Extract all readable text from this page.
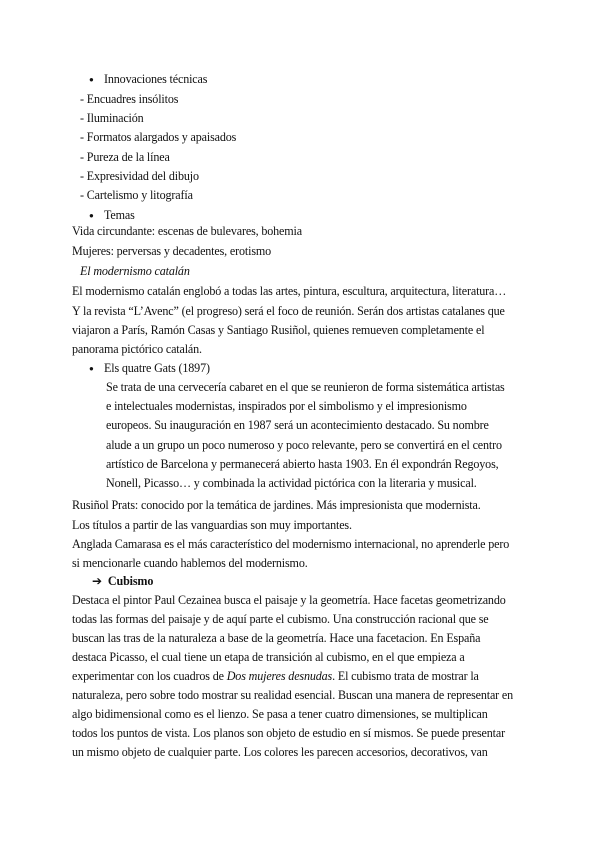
●Innovaciones técnicas
- Encuadres insólitos
- Iluminación
- Formatos alargados y apaisados
- Pureza de la línea
- Expresividad del dibujo
- Cartelismo y litografía
●Temas
Vida circundante: escenas de bulevares, bohemia
Mujeres: perversas y decadentes, erotismo
El modernismo catalán
El modernismo catalán englobó a todas las artes, pintura, escultura, arquitectura, literatura…
Y la revista “L’Avenc” (el progreso) será el foco de reunión. Serán dos artistas catalanes que
viajaron a París, Ramón Casas y Santiago Rusiñol, quienes remueven completamente el
panorama pictórico catalán.
●Els quatre Gats (1897)
Se trata de una cervecería cabaret en el que se reunieron de forma sistemática artistas
e intelectuales modernistas, inspirados por el simbolismo y el impresionismo
europeos. Su inauguración en 1987 será un acontecimiento destacado. Su nombre
alude a un grupo un poco numeroso y poco relevante, pero se convertirá en el centro
artístico de Barcelona y permanecerá abierto hasta 1903. En él expondrán Regoyos,
Nonell, Picasso… y combinada la actividad pictórica con la literaria y musical.
Rusiñol Prats: conocido por la temática de jardines. Más impresionista que modernista.
Los títulos a partir de las vanguardias son muy importantes.
Anglada Camarasa es el más característico del modernismo internacional, no aprenderle pero
si mencionarle cuando hablemos del modernismo.
➔ Cubismo
Destaca el pintor Paul Cezainea busca el paisaje y la geometría. Hace facetas geometrizando
todas las formas del paisaje y de aquí parte el cubismo. Una construcción racional que se
buscan las tras de la naturaleza a base de la geometría. Hace una facetacion. En España
destaca Picasso, el cual tiene un etapa de transición al cubismo, en el que empieza a
experimentar con los cuadros de Dos mujeres desnudas. El cubismo trata de mostrar la
naturaleza, pero sobre todo mostrar su realidad esencial. Buscan una manera de representar en
algo bidimensional como es el lienzo. Se pasa a tener cuatro dimensiones, se multiplican
todos los puntos de vista. Los planos son objeto de estudio en sí mismos. Se puede presentar
un mismo objeto de cualquier parte. Los colores les parecen accesorios, decorativos, van
